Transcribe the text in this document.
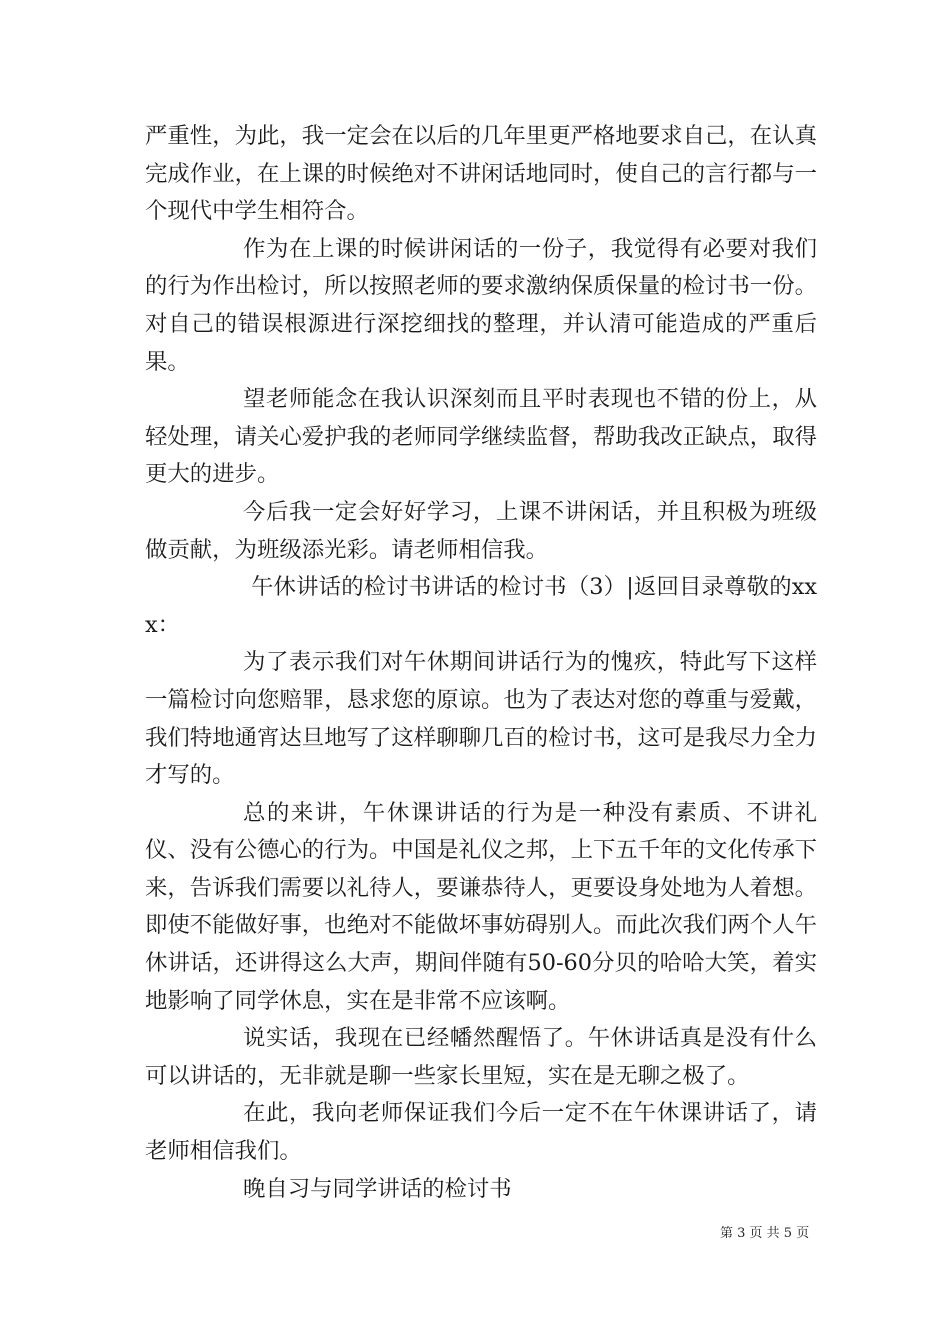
严重性，为此，我一定会在以后的几年里更严格地要求自己，在认真完成作业，在上课的时候绝对不讲闲话地同时，使自己的言行都与一个现代中学生相符合。

作为在上课的时候讲闲话的一份子，我觉得有必要对我们的行为作出检讨，所以按照老师的要求激纳保质保量的检讨书一份。对自己的错误根源进行深挖细找的整理，并认清可能造成的严重后果。

望老师能念在我认识深刻而且平时表现也不错的份上，从轻处理，请关心爱护我的老师同学继续监督，帮助我改正缺点，取得更大的进步。

今后我一定会好好学习，上课不讲闲话，并且积极为班级做贡献，为班级添光彩。请老师相信我。

午休讲话的检讨书讲话的检讨书（3）|返回目录尊敬的xxx：

为了表示我们对午休期间讲话行为的愧疚，特此写下这样一篇检讨向您赔罪，恳求您的原谅。也为了表达对您的尊重与爱戴，我们特地通宵达旦地写了这样聊聊几百的检讨书，这可是我尽力全力才写的。

总的来讲，午休课讲话的行为是一种没有素质、不讲礼仪、没有公德心的行为。中国是礼仪之邦，上下五千年的文化传承下来，告诉我们需要以礼待人，要谦恭待人，更要设身处地为人着想。即使不能做好事，也绝对不能做坏事妨碍别人。而此次我们两个人午休讲话，还讲得这么大声，期间伴随有50-60分贝的哈哈大笑，着实地影响了同学休息，实在是非常不应该啊。

说实话，我现在已经幡然醒悟了。午休讲话真是没有什么可以讲话的，无非就是聊一些家长里短，实在是无聊之极了。

在此，我向老师保证我们今后一定不在午休课讲话了，请老师相信我们。

晚自习与同学讲话的检讨书

第 3 页 共 5 页
